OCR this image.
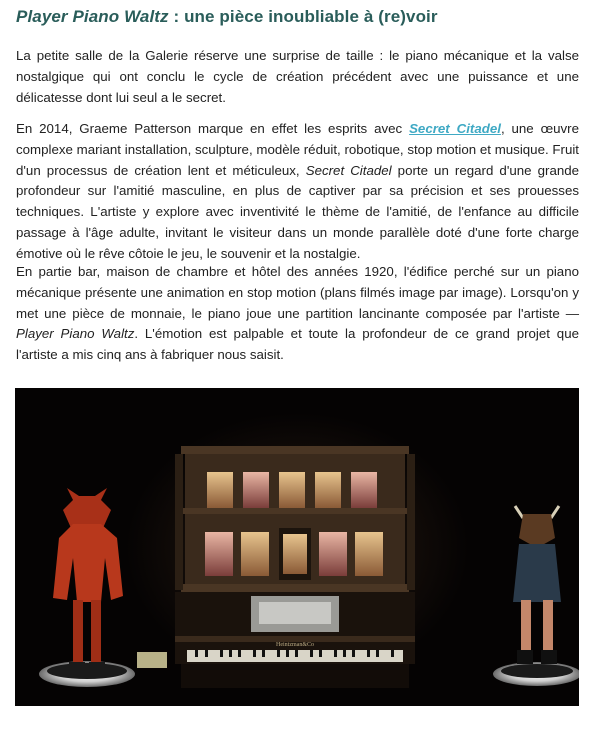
Player Piano Waltz : une pièce inoubliable à (re)voir

La petite salle de la Galerie réserve une surprise de taille : le piano mécanique et la valse nostalgique qui ont conclu le cycle de création précédent avec une puissance et une délicatesse dont lui seul a le secret.

En 2014, Graeme Patterson marque en effet les esprits avec Secret Citadel, une œuvre complexe mariant installation, sculpture, modèle réduit, robotique, stop motion et musique. Fruit d'un processus de création lent et méticuleux, Secret Citadel porte un regard d'une grande profondeur sur l'amitié masculine, en plus de captiver par sa précision et ses prouesses techniques. L'artiste y explore avec inventivité le thème de l'amitié, de l'enfance au difficile passage à l'âge adulte, invitant le visiteur dans un monde parallèle doté d'une forte charge émotive où le rêve côtoie le jeu, le souvenir et la nostalgie.

En partie bar, maison de chambre et hôtel des années 1920, l'édifice perché sur un piano mécanique présente une animation en stop motion (plans filmés image par image). Lorsqu'on y met une pièce de monnaie, le piano joue une partition lancinante composée par l'artiste — Player Piano Waltz. L'émotion est palpable et toute la profondeur de ce grand projet que l'artiste a mis cinq ans à fabriquer nous saisit.

Heintzman&Co
